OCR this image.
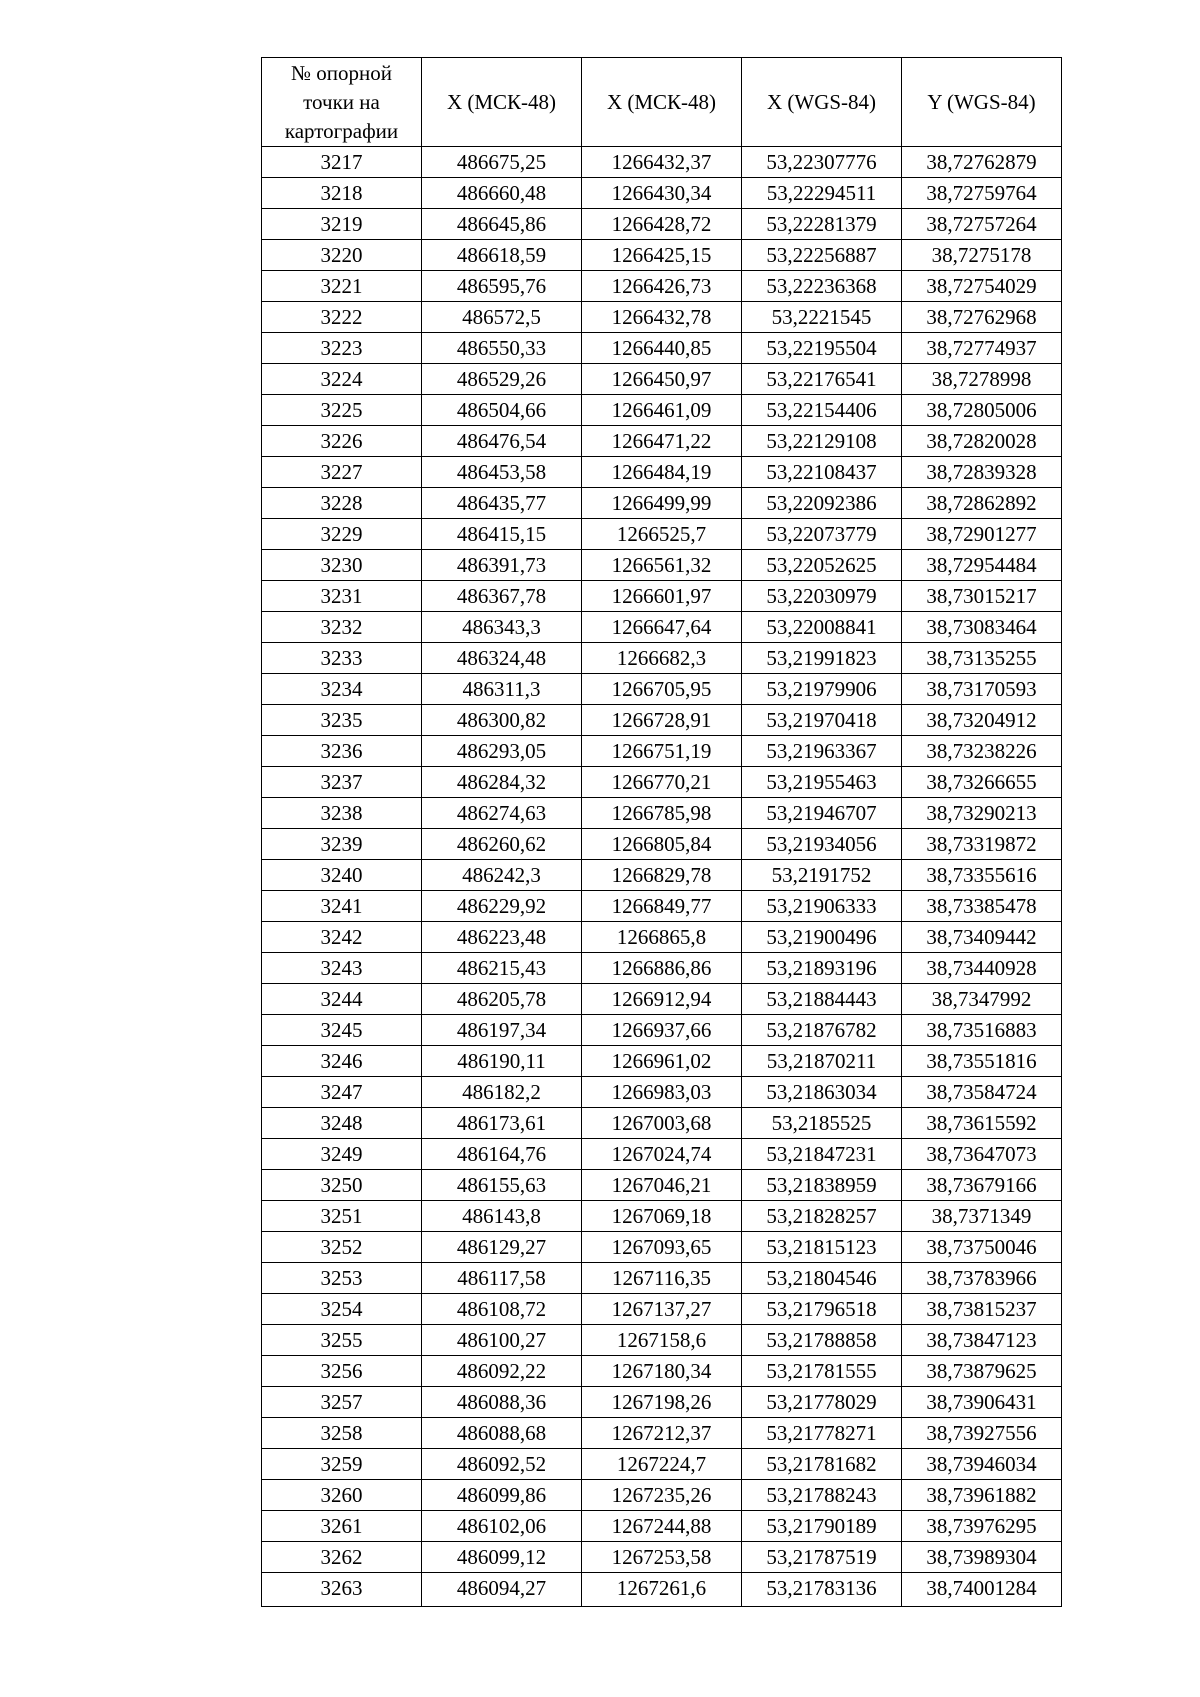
№ опорной
точки на
картографии	X (МСК-48)	X (МСК-48)	X (WGS-84)	Y (WGS-84)
3217	486675,25	1266432,37	53,22307776	38,72762879
3218	486660,48	1266430,34	53,22294511	38,72759764
3219	486645,86	1266428,72	53,22281379	38,72757264
3220	486618,59	1266425,15	53,22256887	38,7275178
3221	486595,76	1266426,73	53,22236368	38,72754029
3222	486572,5	1266432,78	53,2221545	38,72762968
3223	486550,33	1266440,85	53,22195504	38,72774937
3224	486529,26	1266450,97	53,22176541	38,7278998
3225	486504,66	1266461,09	53,22154406	38,72805006
3226	486476,54	1266471,22	53,22129108	38,72820028
3227	486453,58	1266484,19	53,22108437	38,72839328
3228	486435,77	1266499,99	53,22092386	38,72862892
3229	486415,15	1266525,7	53,22073779	38,72901277
3230	486391,73	1266561,32	53,22052625	38,72954484
3231	486367,78	1266601,97	53,22030979	38,73015217
3232	486343,3	1266647,64	53,22008841	38,73083464
3233	486324,48	1266682,3	53,21991823	38,73135255
3234	486311,3	1266705,95	53,21979906	38,73170593
3235	486300,82	1266728,91	53,21970418	38,73204912
3236	486293,05	1266751,19	53,21963367	38,73238226
3237	486284,32	1266770,21	53,21955463	38,73266655
3238	486274,63	1266785,98	53,21946707	38,73290213
3239	486260,62	1266805,84	53,21934056	38,73319872
3240	486242,3	1266829,78	53,2191752	38,73355616
3241	486229,92	1266849,77	53,21906333	38,73385478
3242	486223,48	1266865,8	53,21900496	38,73409442
3243	486215,43	1266886,86	53,21893196	38,73440928
3244	486205,78	1266912,94	53,21884443	38,7347992
3245	486197,34	1266937,66	53,21876782	38,73516883
3246	486190,11	1266961,02	53,21870211	38,73551816
3247	486182,2	1266983,03	53,21863034	38,73584724
3248	486173,61	1267003,68	53,2185525	38,73615592
3249	486164,76	1267024,74	53,21847231	38,73647073
3250	486155,63	1267046,21	53,21838959	38,73679166
3251	486143,8	1267069,18	53,21828257	38,7371349
3252	486129,27	1267093,65	53,21815123	38,73750046
3253	486117,58	1267116,35	53,21804546	38,73783966
3254	486108,72	1267137,27	53,21796518	38,73815237
3255	486100,27	1267158,6	53,21788858	38,73847123
3256	486092,22	1267180,34	53,21781555	38,73879625
3257	486088,36	1267198,26	53,21778029	38,73906431
3258	486088,68	1267212,37	53,21778271	38,73927556
3259	486092,52	1267224,7	53,21781682	38,73946034
3260	486099,86	1267235,26	53,21788243	38,73961882
3261	486102,06	1267244,88	53,21790189	38,73976295
3262	486099,12	1267253,58	53,21787519	38,73989304
3263	486094,27	1267261,6	53,21783136	38,74001284
